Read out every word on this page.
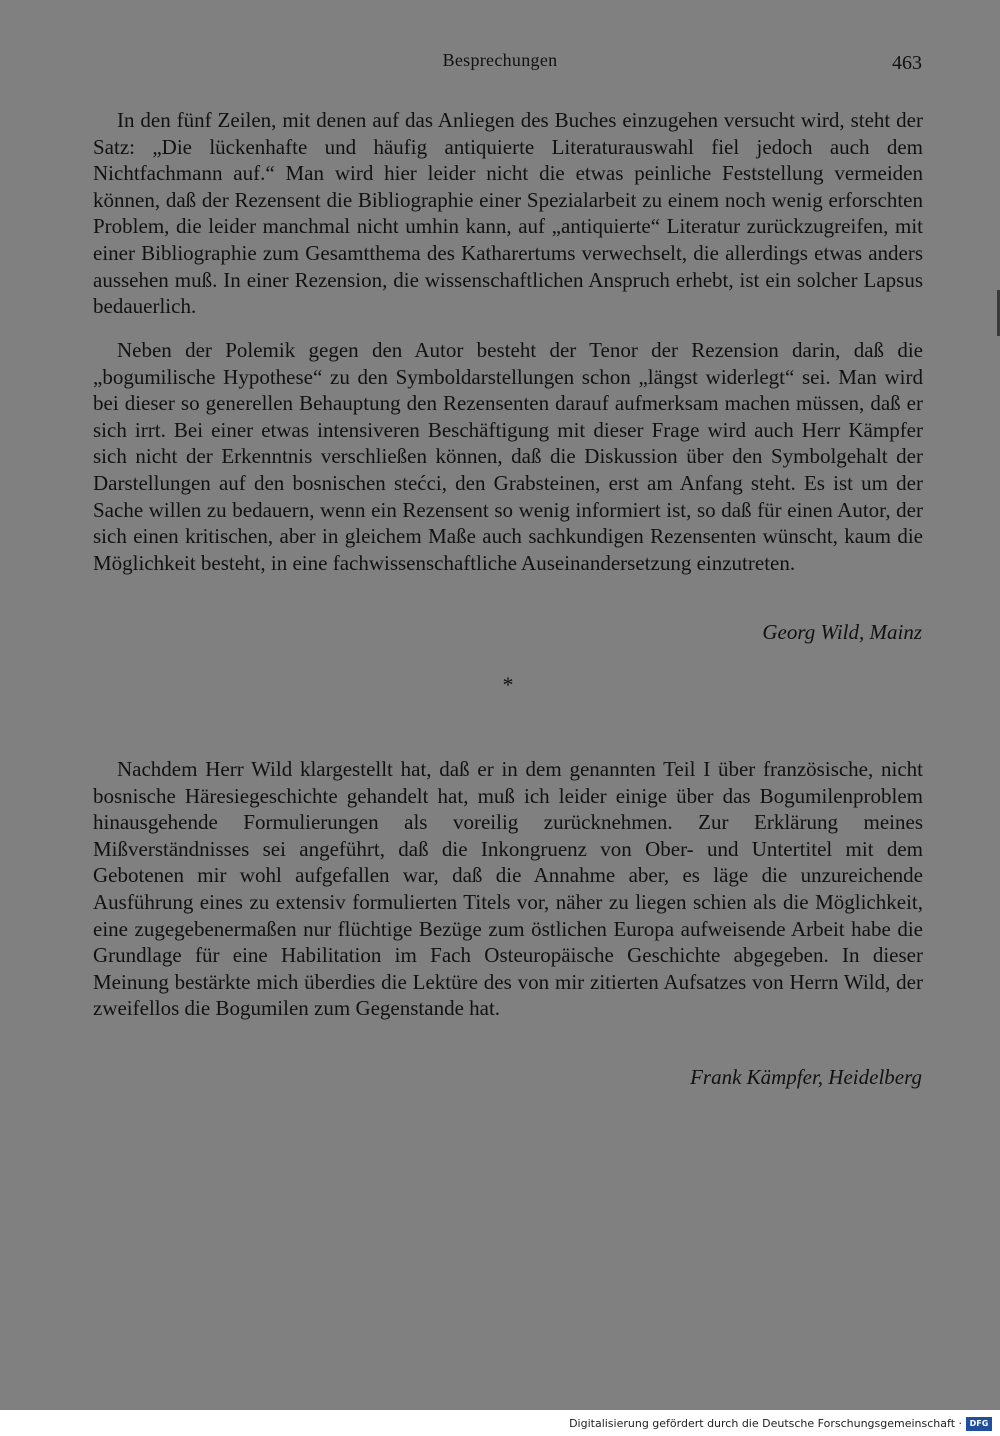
Besprechungen	463

In den fünf Zeilen, mit denen auf das Anliegen des Buches einzugehen versucht wird, steht der Satz: „Die lückenhafte und häufig antiquierte Literaturauswahl fiel jedoch auch dem Nichtfachmann auf.“ Man wird hier leider nicht die etwas peinliche Feststellung vermeiden können, daß der Rezensent die Bibliographie einer Spezialarbeit zu einem noch wenig erforschten Problem, die leider manchmal nicht umhin kann, auf „antiquierte“ Literatur zurückzugreifen, mit einer Bibliographie zum Gesamtthema des Katharertums verwechselt, die allerdings etwas anders aussehen muß. In einer Rezension, die wissenschaftlichen Anspruch erhebt, ist ein solcher Lapsus bedauerlich.

Neben der Polemik gegen den Autor besteht der Tenor der Rezension darin, daß die „bogumilische Hypothese“ zu den Symboldarstellungen schon „längst widerlegt“ sei. Man wird bei dieser so generellen Behauptung den Rezensenten darauf aufmerksam machen müssen, daß er sich irrt. Bei einer etwas intensiveren Beschäftigung mit dieser Frage wird auch Herr Kämpfer sich nicht der Erkenntnis verschließen können, daß die Diskussion über den Symbolgehalt der Darstellungen auf den bosnischen stećci, den Grabsteinen, erst am Anfang steht. Es ist um der Sache willen zu bedauern, wenn ein Rezensent so wenig informiert ist, so daß für einen Autor, der sich einen kritischen, aber in gleichem Maße auch sachkundigen Rezensenten wünscht, kaum die Möglichkeit besteht, in eine fachwissenschaftliche Auseinandersetzung einzutreten.

Georg Wild, Mainz
*

Nachdem Herr Wild klargestellt hat, daß er in dem genannten Teil I über französische, nicht bosnische Häresiegeschichte gehandelt hat, muß ich leider einige über das Bogumilenproblem hinausgehende Formulierungen als voreilig zurücknehmen. Zur Erklärung meines Mißverständnisses sei angeführt, daß die Inkongruenz von Ober- und Untertitel mit dem Gebotenen mir wohl aufgefallen war, daß die Annahme aber, es läge die unzureichende Ausführung eines zu extensiv formulierten Titels vor, näher zu liegen schien als die Möglichkeit, eine zugegebenermaßen nur flüchtige Bezüge zum östlichen Europa aufweisende Arbeit habe die Grundlage für eine Habilitation im Fach Osteuropäische Geschichte abgegeben. In dieser Meinung bestärkte mich überdies die Lektüre des von mir zitierten Aufsatzes von Herrn Wild, der zweifellos die Bogumilen zum Gegenstande hat.

Frank Kämpfer, Heidelberg
Digitalisierung gefördert durch die Deutsche Forschungsgemeinschaft · DFG
